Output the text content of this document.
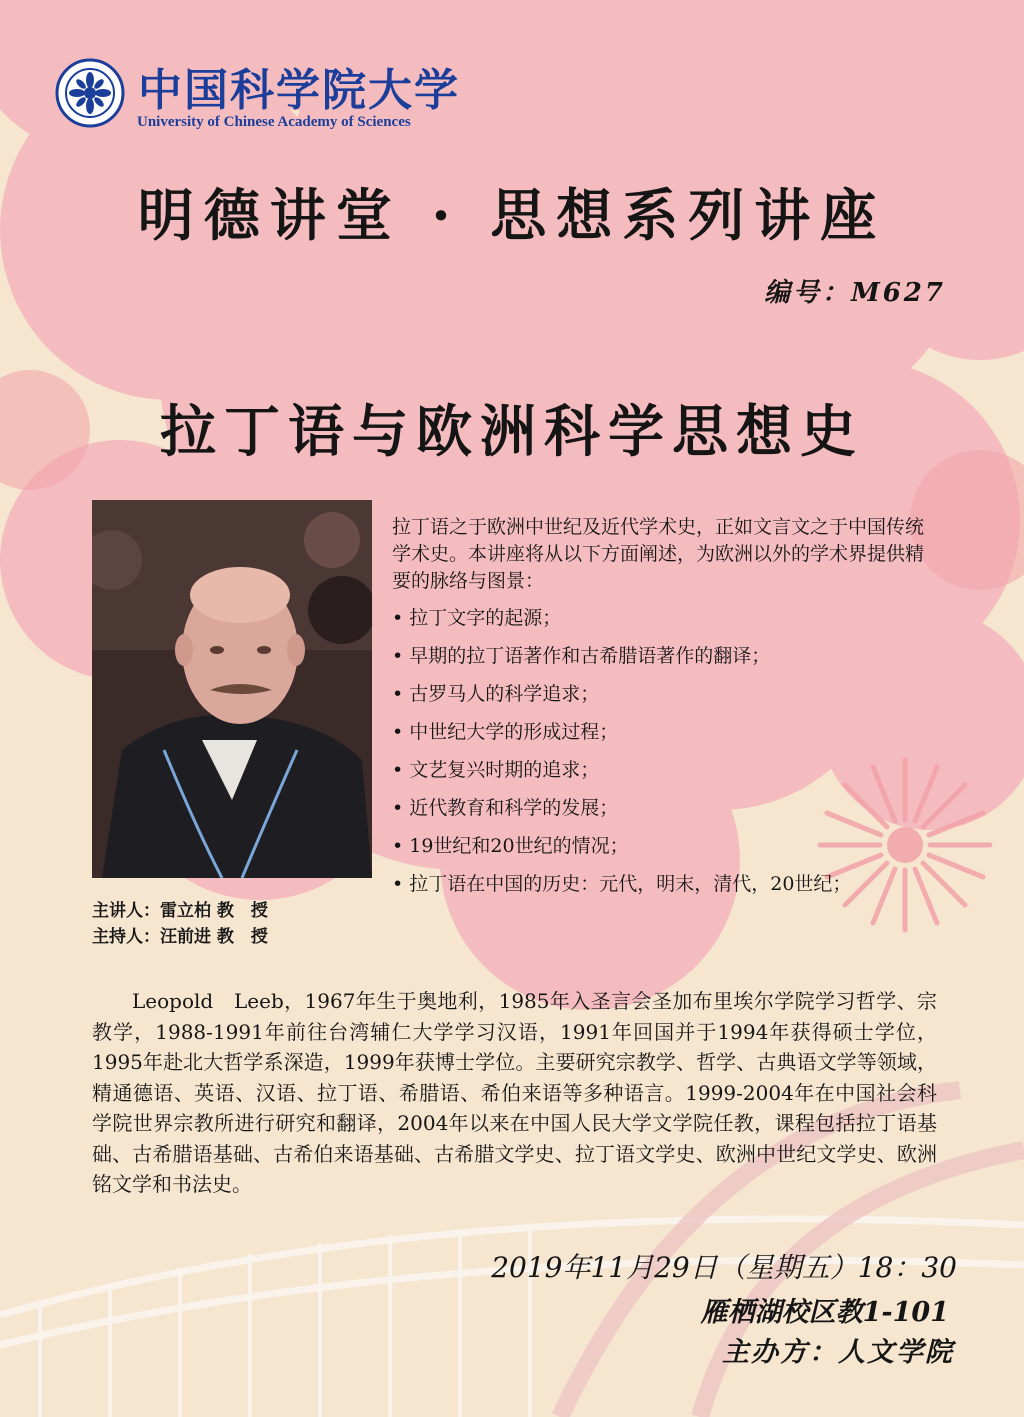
中国科学院大学
University of Chinese Academy of Sciences
明德讲堂 · 思想系列讲座
编号：M627
拉丁语与欧洲科学思想史
主讲人：雷立柏 教　授
主持人：汪前进 教　授

拉丁语之于欧洲中世纪及近代学术史，正如文言文之于中国传统学术史。本讲座将从以下方面阐述，为欧洲以外的学术界提供精要的脉络与图景：

• 拉丁文字的起源；
• 早期的拉丁语著作和古希腊语著作的翻译；
• 古罗马人的科学追求；
• 中世纪大学的形成过程；
• 文艺复兴时期的追求；
• 近代教育和科学的发展；
• 19世纪和20世纪的情况；
• 拉丁语在中国的历史：元代，明末，清代，20世纪；

Leopold　Leeb，1967年生于奥地利，1985年入圣言会圣加布里埃尔学院学习哲学、宗教学，1988-1991年前往台湾辅仁大学学习汉语，1991年回国并于1994年获得硕士学位，1995年赴北大哲学系深造，1999年获博士学位。主要研究宗教学、哲学、古典语文学等领域，精通德语、英语、汉语、拉丁语、希腊语、希伯来语等多种语言。1999-2004年在中国社会科学院世界宗教所进行研究和翻译，2004年以来在中国人民大学文学院任教，课程包括拉丁语基础、古希腊语基础、古希伯来语基础、古希腊文学史、拉丁语文学史、欧洲中世纪文学史、欧洲铭文学和书法史。

2019年11月29日（星期五）18：30
雁栖湖校区教1-101
主办方：人文学院
